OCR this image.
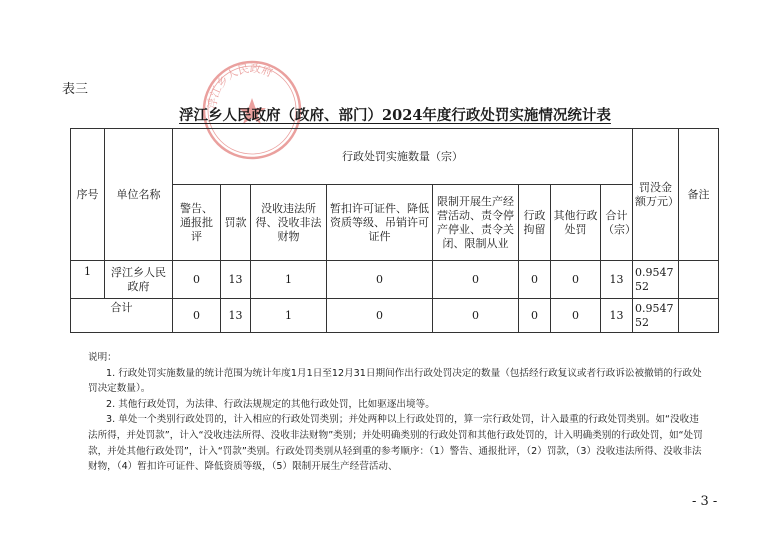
表三
浮江乡人民政府
浮江乡人民政府（政府、部门）2024年度行政处罚实施情况统计表
序号	单位名称	行政处罚实施数量（宗）								罚没金额万元）	备注
		警告、通报批评	罚款	没收违法所得、没收非法财物	暂扣许可证件、降低资质等级、吊销许可证件	限制开展生产经营活动、责令停产停业、责令关闭、限制从业	行政拘留	其他行政处罚	合计（宗）		
1	浮江乡人民政府	0	13	1	0	0	0	0	13	0.954752	
合计		0	13	1	0	0	0	0	13	0.954752	

说明：

1. 行政处罚实施数量的统计范围为统计年度1月1日至12月31日期间作出行政处罚决定的数量（包括经行政复议或者行政诉讼被撤销的行政处罚决定数量）。

2. 其他行政处罚，为法律、行政法规规定的其他行政处罚，比如驱逐出境等。

3. 单处一个类别行政处罚的，计入相应的行政处罚类别；并处两种以上行政处罚的，算一宗行政处罚，计入最重的行政处罚类别。如“没收违法所得，并处罚款”，计入“没收违法所得、没收非法财物”类别；并处明确类别的行政处罚和其他行政处罚的，计入明确类别的行政处罚，如“处罚款，并处其他行政处罚”，计入“罚款”类别。行政处罚类别从轻到重的参考顺序：（1）警告、通报批评，（2）罚款，（3）没收违法所得、没收非法财物，（4）暂扣许可证件、降低资质等级，（5）限制开展生产经营活动、

- 3 -
